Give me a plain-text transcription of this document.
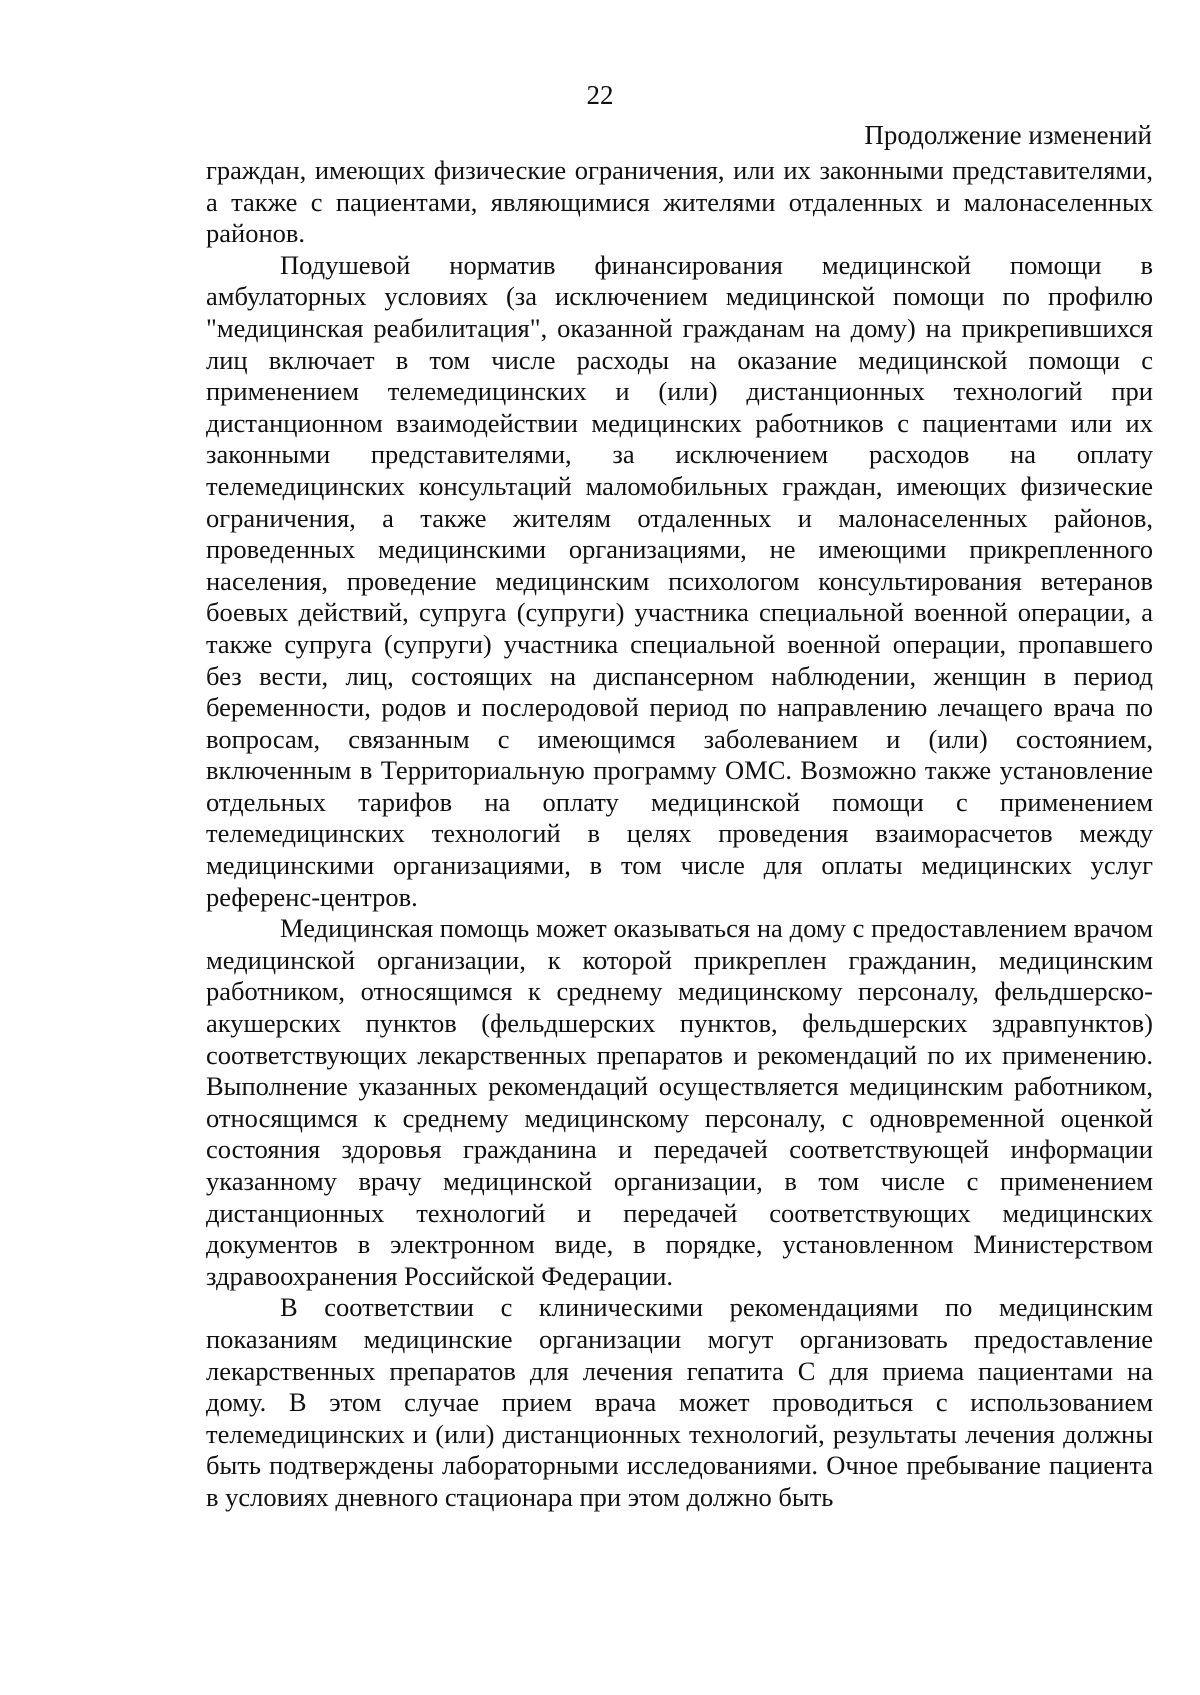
22
Продолжение изменений

граждан, имеющих физические ограничения, или их законными представителями, а также с пациентами, являющимися жителями отдаленных и малонаселенных районов.

Подушевой норматив финансирования медицинской помощи в амбулаторных условиях (за исключением медицинской помощи по профилю "медицинская реабилитация", оказанной гражданам на дому) на прикрепившихся лиц включает в том числе расходы на оказание медицинской помощи с применением телемедицинских и (или) дистанционных технологий при дистанционном взаимодействии медицинских работников с пациентами или их законными представителями, за исключением расходов на оплату телемедицинских консультаций маломобильных граждан, имеющих физические ограничения, а также жителям отдаленных и малонаселенных районов, проведенных медицинскими организациями, не имеющими прикрепленного населения, проведение медицинским психологом консультирования ветеранов боевых действий, супруга (супруги) участника специальной военной операции, а также супруга (супруги) участника специальной военной операции, пропавшего без вести, лиц, состоящих на диспансерном наблюдении, женщин в период беременности, родов и послеродовой период по направлению лечащего врача по вопросам, связанным с имеющимся заболеванием и (или) состоянием, включенным в Территориальную программу ОМС. Возможно также установление отдельных тарифов на оплату медицинской помощи с применением телемедицинских технологий в целях проведения взаиморасчетов между медицинскими организациями, в том числе для оплаты медицинских услуг референс-центров.

Медицинская помощь может оказываться на дому с предоставлением врачом медицинской организации, к которой прикреплен гражданин, медицинским работником, относящимся к среднему медицинскому персоналу, фельдшерско-акушерских пунктов (фельдшерских пунктов, фельдшерских здравпунктов) соответствующих лекарственных препаратов и рекомендаций по их применению. Выполнение указанных рекомендаций осуществляется медицинским работником, относящимся к среднему медицинскому персоналу, с одновременной оценкой состояния здоровья гражданина и передачей соответствующей информации указанному врачу медицинской организации, в том числе с применением дистанционных технологий и передачей соответствующих медицинских документов в электронном виде, в порядке, установленном Министерством здравоохранения Российской Федерации.

В соответствии с клиническими рекомендациями по медицинским показаниям медицинские организации могут организовать предоставление лекарственных препаратов для лечения гепатита С для приема пациентами на дому. В этом случае прием врача может проводиться с использованием телемедицинских и (или) дистанционных технологий, результаты лечения должны быть подтверждены лабораторными исследованиями. Очное пребывание пациента в условиях дневного стационара при этом должно быть
